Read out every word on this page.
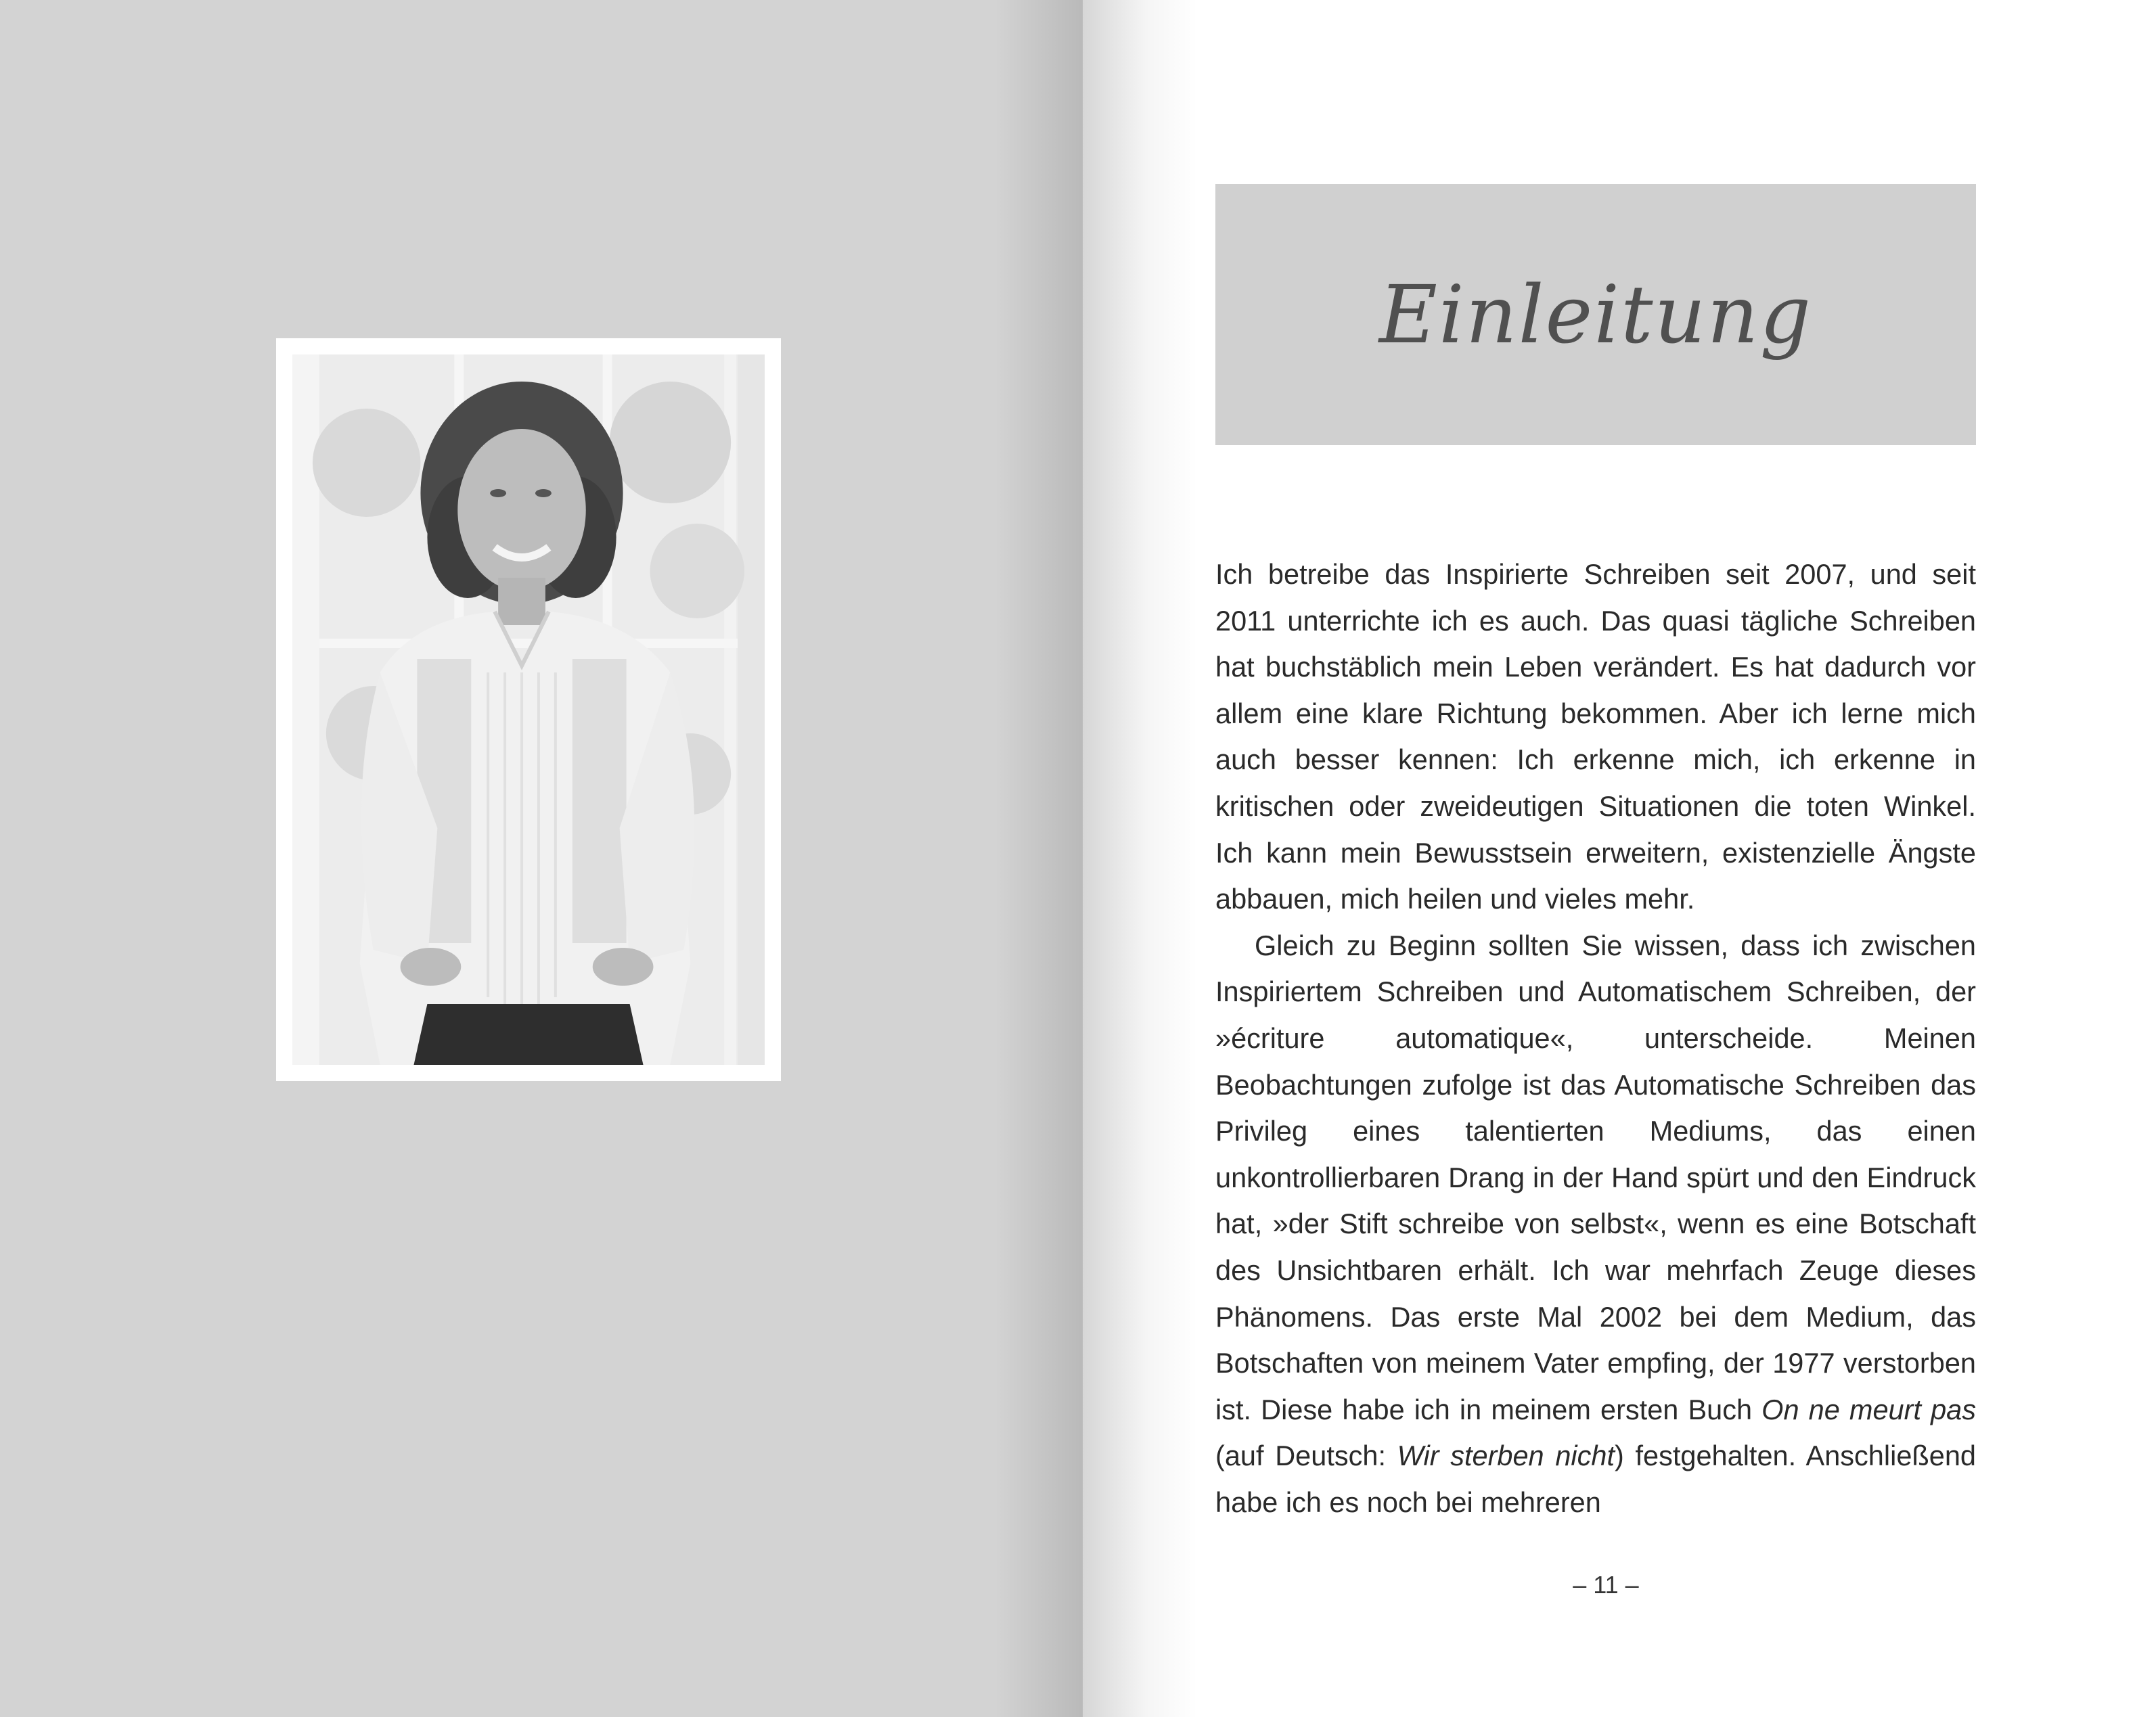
Einleitung

Ich betreibe das Inspirierte Schreiben seit 2007, und seit 2011 unterrichte ich es auch. Das quasi tägliche Schreiben hat buchstäblich mein Leben verändert. Es hat dadurch vor allem eine klare Richtung bekommen. Aber ich lerne mich auch besser kennen: Ich erkenne mich, ich erkenne in kritischen oder zweideutigen Situationen die toten Winkel. Ich kann mein Bewusstsein erweitern, existenzielle Ängste abbauen, mich heilen und vieles mehr.

Gleich zu Beginn sollten Sie wissen, dass ich zwischen Inspiriertem Schreiben und Automatischem Schreiben, der »écriture automatique«, unterscheide. Meinen Beobachtungen zufolge ist das Automatische Schreiben das Privileg eines talentierten Mediums, das einen unkontrollierbaren Drang in der Hand spürt und den Eindruck hat, »der Stift schreibe von selbst«, wenn es eine Botschaft des Unsichtbaren erhält. Ich war mehrfach Zeuge dieses Phänomens. Das erste Mal 2002 bei dem Medium, das Botschaften von meinem Vater empfing, der 1977 verstorben ist. Diese habe ich in meinem ersten Buch On ne meurt pas (auf Deutsch: Wir sterben nicht) festgehalten. Anschließend habe ich es noch bei mehreren

– 11 –
